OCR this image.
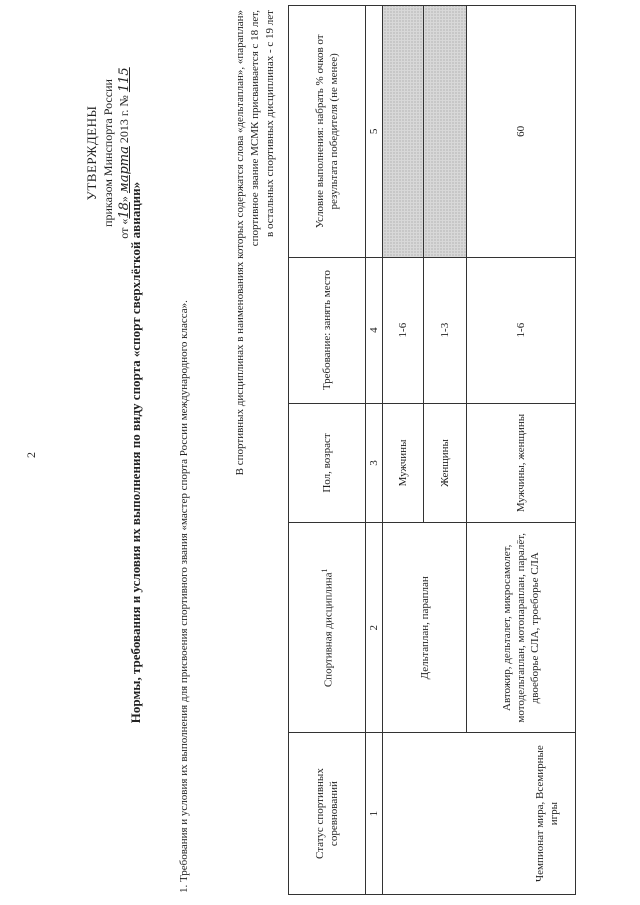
2
УТВЕРЖДЕНЫ приказом Минспорта России
от «18» марта 2013 г. № 115
Нормы, требования и условия их выполнения по виду спорта «спорт сверхлёгкой авиации»	1. Требования и условия их выполнения для присвоения спортивного звания «мастер спорта России международного класса».
В спортивных дисциплинах в наименованиях которых содержатся слова «дельтаплан», «параплан» спортивное звание МСМК присваивается с 18 лет, в остальных спортивных дисциплинах - с 19 лет
Статус спортивных соревнований	Спортивная дисциплина$^1$	Пол, возраст	Требование: занять место	Условие выполнения: набрать % очков от результата победителя (не менее)
1	2	3	4	5
Чемпионат мира, Всемирные игры	Дельтаплан, параплан	Мужчины	1-6	
		Женщины	1-3	
	Автожир, дельталет, микросамолет, мотодельтаплан, мотопараплан, паралёт, двоеборье СЛА, троеборье СЛА	Мужчины, женщины	1-6	60
